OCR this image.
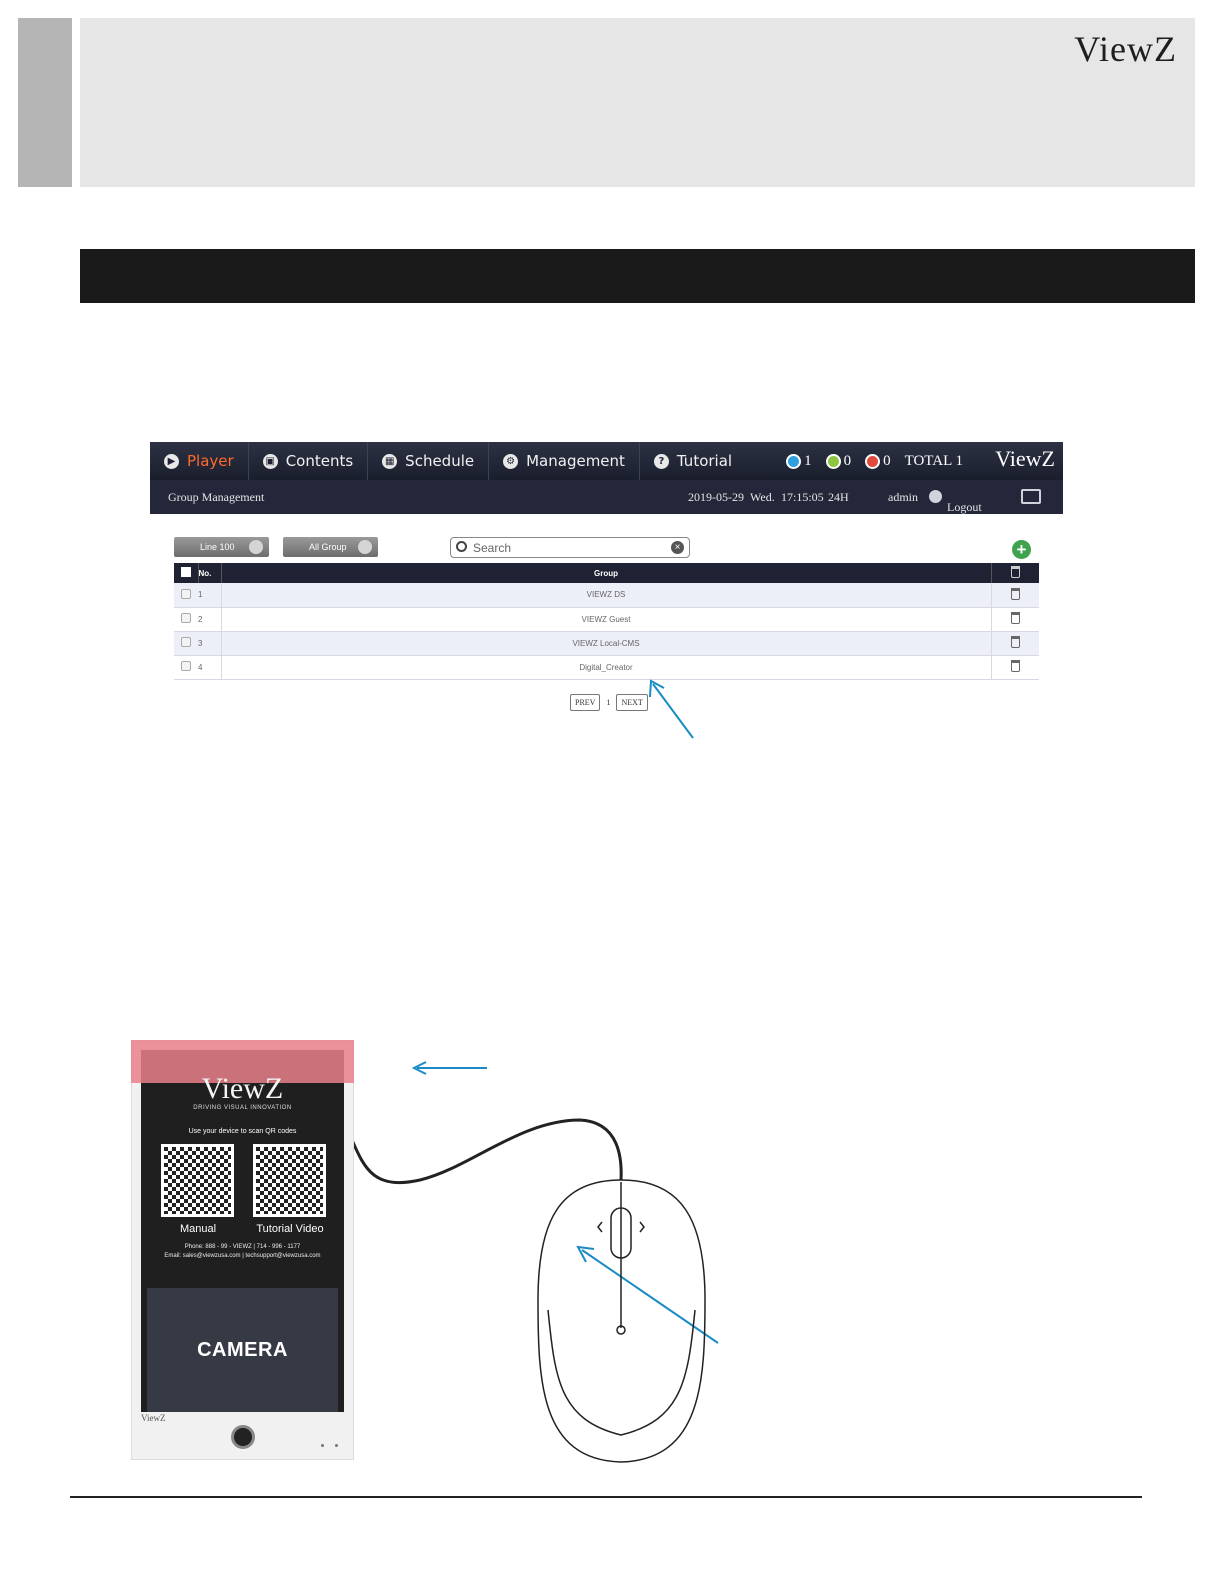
ViewZ
▶ Player	▣ Contents	▦ Schedule	⚙ Management	? Tutorial	1 0 0 TOTAL 1 ViewZ
Group Management	2019-05-29 Wed. 17:15:05 24H	admin
Logout
Line 100	All Group	Search	×	+
	No.	Group	
	1	VIEWZ DS	
	2	VIEWZ Guest	
	3	VIEWZ Local-CMS	
	4	Digital_Creator	
PREV	1	NEXT
ViewZ
DRIVING VISUAL INNOVATION
Use your device to scan QR codes
Manual	Tutorial Video
Phone: 888 - 99 - VIEWZ | 714 - 996 - 1177
Email: sales@viewzusa.com | techsupport@viewzusa.com
CAMERA
ViewZ
